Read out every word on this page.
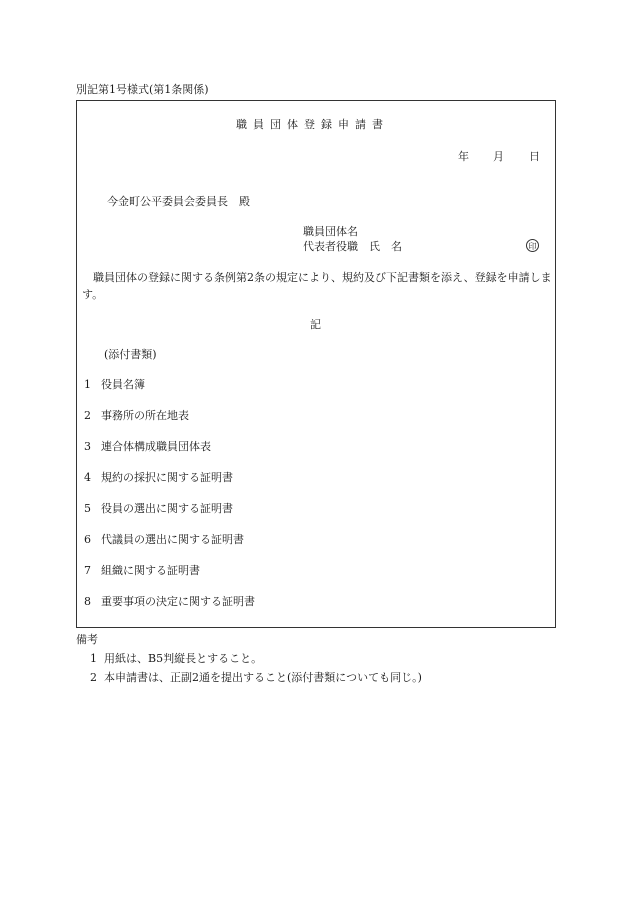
別記第1号様式(第1条関係)
職員団体登録申請書
年 月 日
今金町公平委員会委員長　殿
職員団体名
代表者役職　氏　名	印
職員団体の登録に関する条例第2条の規定により、規約及び下記書類を添え、登録を申請します。
記
(添付書類)
1 役員名簿
2 事務所の所在地表
3 連合体構成職員団体表
4 規約の採択に関する証明書
5 役員の選出に関する証明書
6 代議員の選出に関する証明書
7 組織に関する証明書
8 重要事項の決定に関する証明書
備考
1 用紙は、B5判縦長とすること。
2 本申請書は、正副2通を提出すること(添付書類についても同じ。)
